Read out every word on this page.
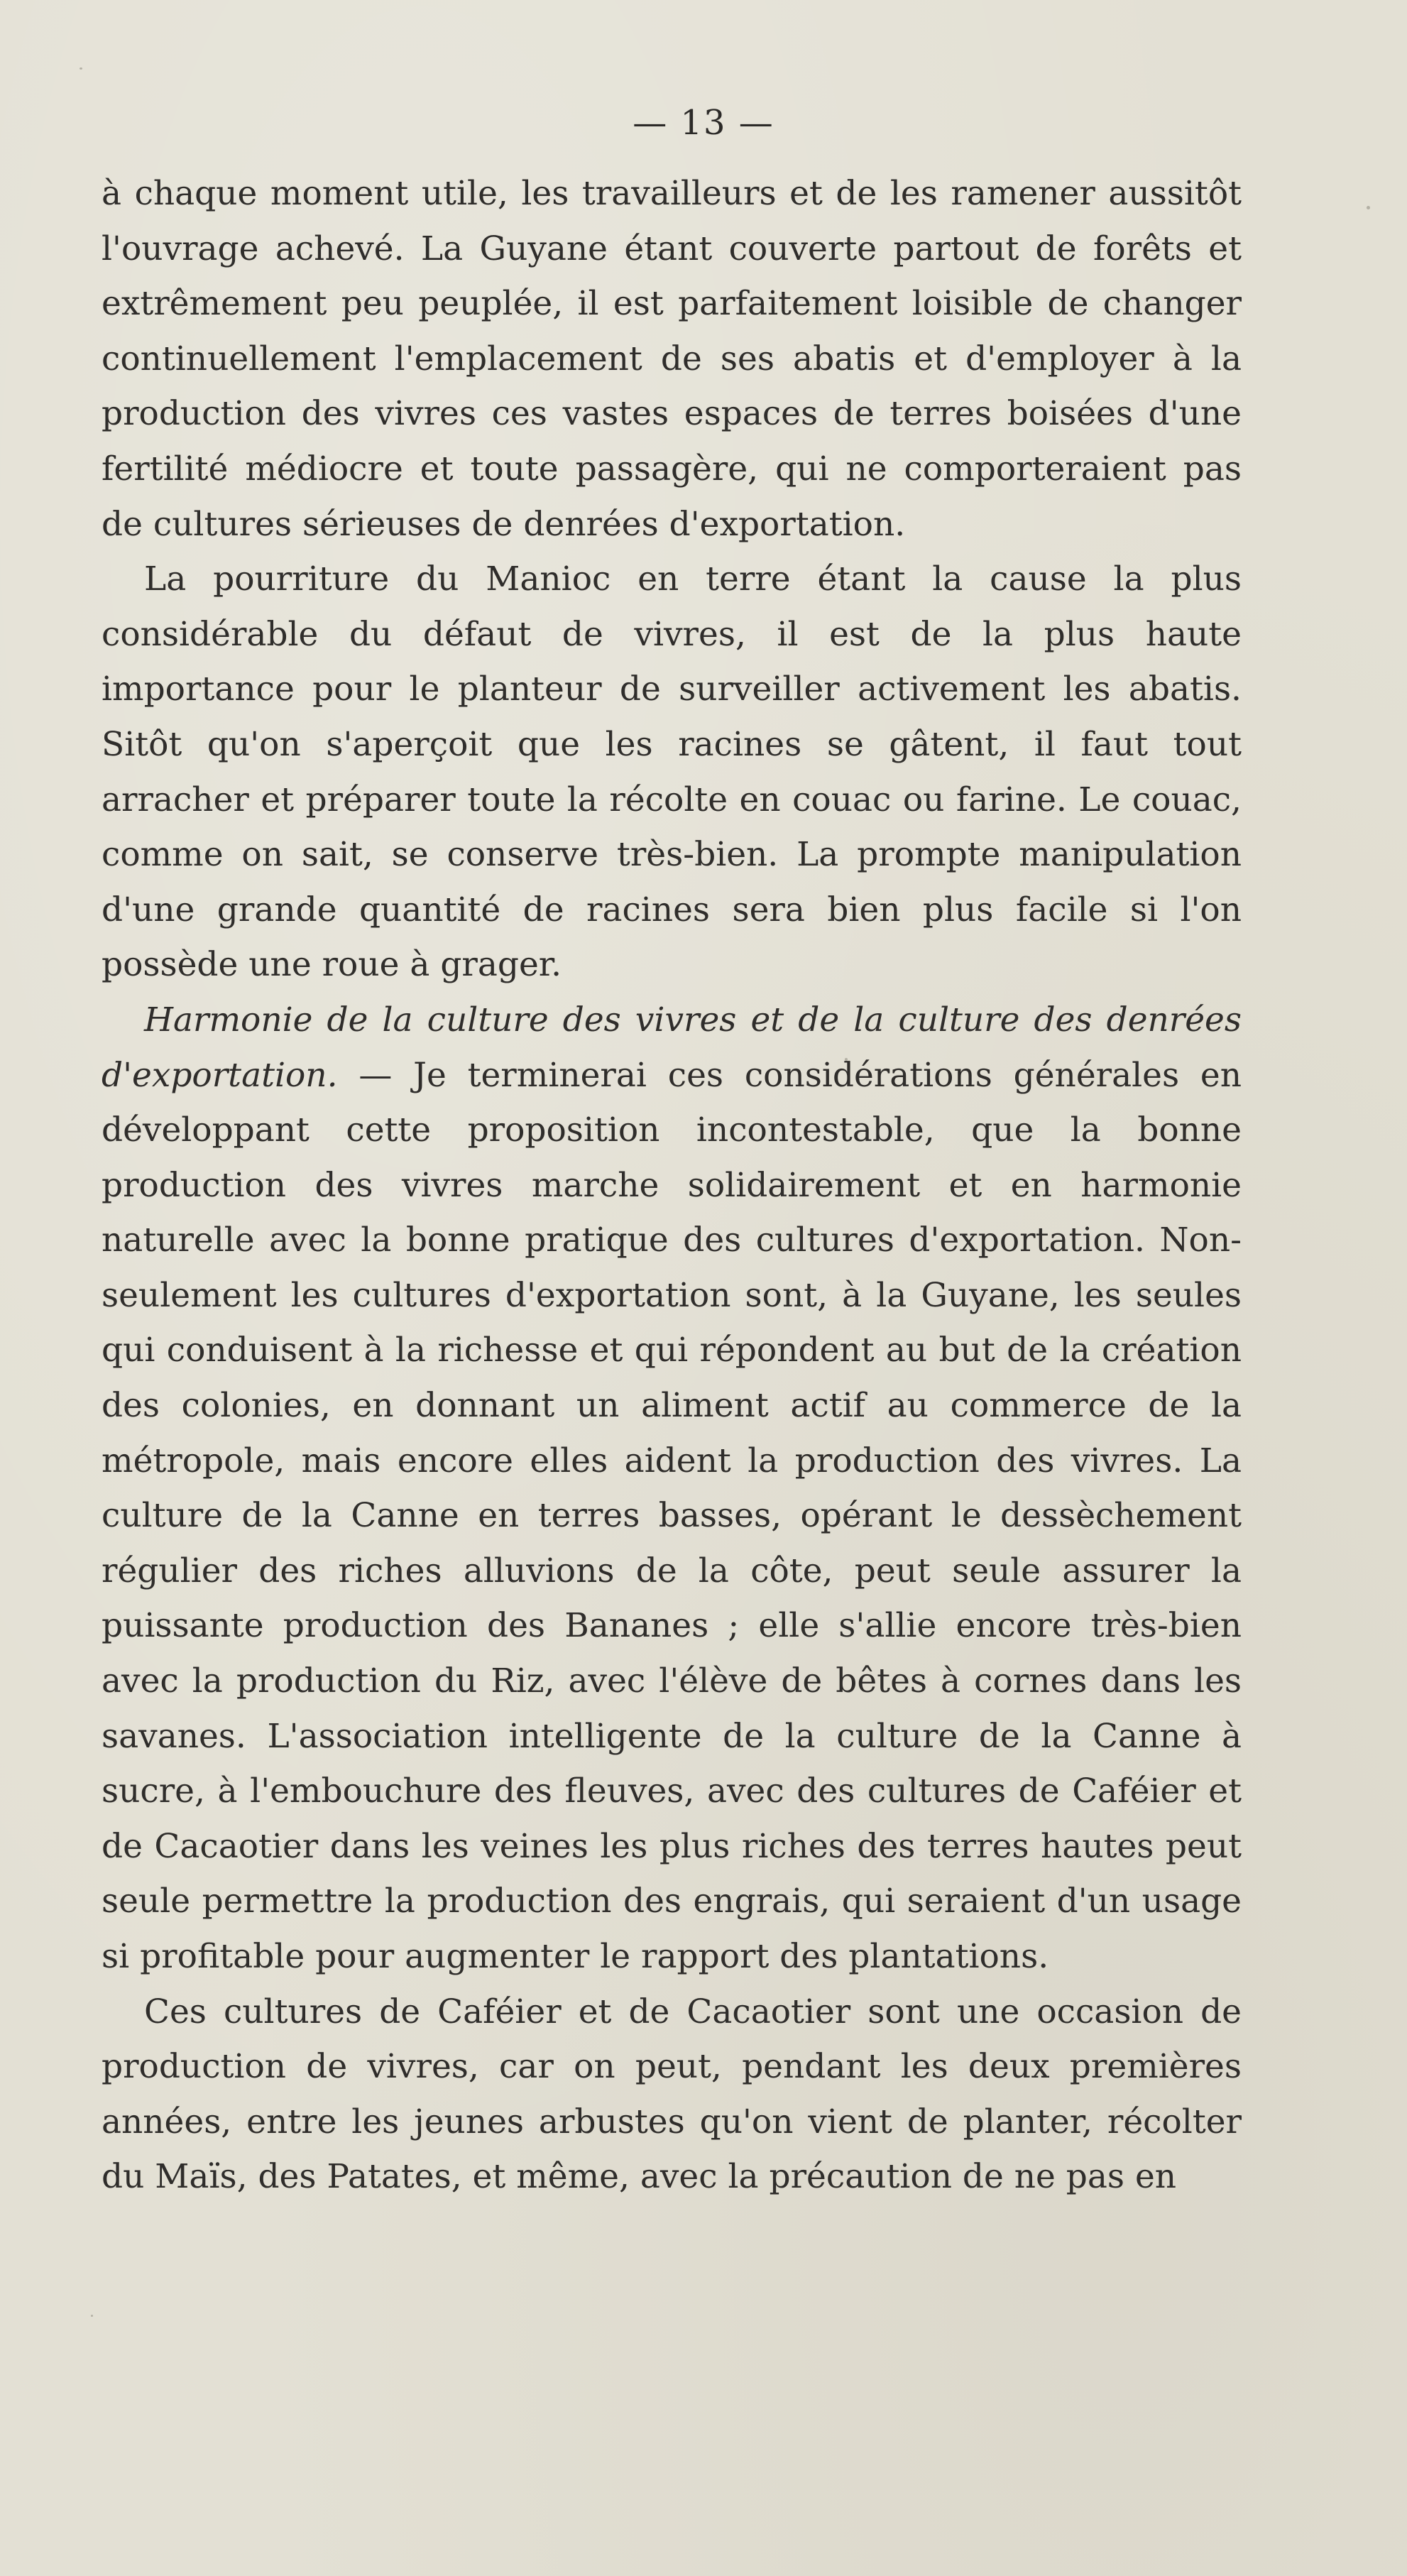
— 13 —

à chaque moment utile, les travailleurs et de les ramener aussitôt l'ouvrage achevé. La Guyane étant couverte partout de forêts et extrêmement peu peuplée, il est parfaitement loisible de changer continuellement l'emplacement de ses abatis et d'employer à la production des vivres ces vastes espaces de terres boisées d'une fertilité médiocre et toute passagère, qui ne comporteraient pas de cultures sérieuses de denrées d'exportation.

La pourriture du Manioc en terre étant la cause la plus considérable du défaut de vivres, il est de la plus haute importance pour le planteur de surveiller activement les abatis. Sitôt qu'on s'aperçoit que les racines se gâtent, il faut tout arracher et préparer toute la récolte en couac ou farine. Le couac, comme on sait, se conserve très-bien. La prompte manipulation d'une grande quantité de racines sera bien plus facile si l'on possède une roue à grager.

Harmonie de la culture des vivres et de la culture des denrées d'exportation. — Je terminerai ces considérations générales en développant cette proposition incontestable, que la bonne production des vivres marche solidairement et en harmonie naturelle avec la bonne pratique des cultures d'exportation. Non-seulement les cultures d'exportation sont, à la Guyane, les seules qui conduisent à la richesse et qui répondent au but de la création des colonies, en donnant un aliment actif au commerce de la métropole, mais encore elles aident la production des vivres. La culture de la Canne en terres basses, opérant le dessèchement régulier des riches alluvions de la côte, peut seule assurer la puissante production des Bananes ; elle s'allie encore très-bien avec la production du Riz, avec l'élève de bêtes à cornes dans les savanes. L'association intelligente de la culture de la Canne à sucre, à l'embouchure des fleuves, avec des cultures de Caféier et de Cacaotier dans les veines les plus riches des terres hautes peut seule permettre la production des engrais, qui seraient d'un usage si profitable pour augmenter le rapport des plantations.

Ces cultures de Caféier et de Cacaotier sont une occasion de production de vivres, car on peut, pendant les deux premières années, entre les jeunes arbustes qu'on vient de planter, récolter du Maïs, des Patates, et même, avec la précaution de ne pas en
